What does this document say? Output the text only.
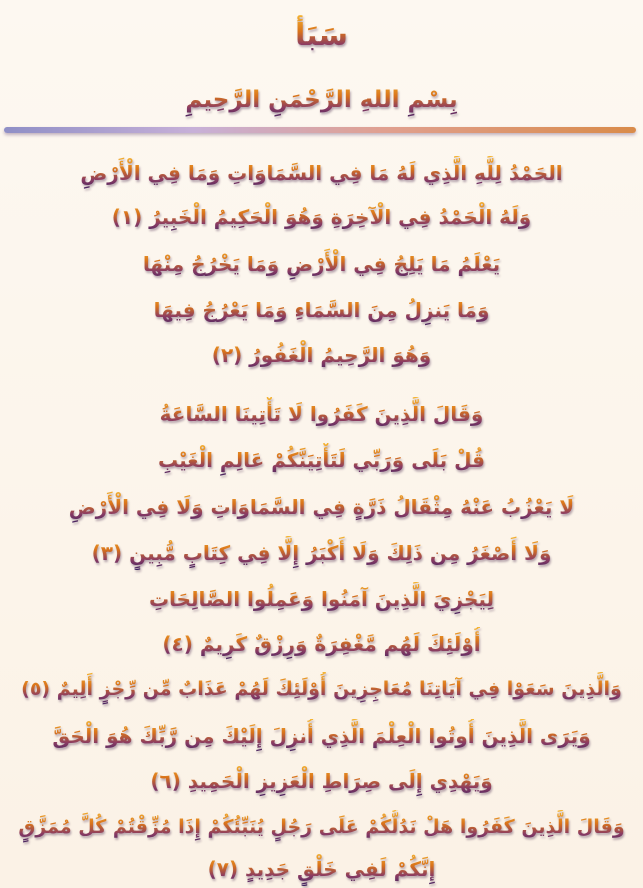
سَبَأ
بِسْمِ اللهِ الرَّحْمَنِ الرَّحِيمِ
الحَمْدُ لِلَّهِ الَّذِي لَهُ مَا فِي السَّمَاوَاتِ وَمَا فِي الْأَرْضِ
وَلَهُ الْحَمْدُ فِي الْآخِرَةِ وَهُوَ الْحَكِيمُ الْخَبِيرُ (١)
يَعْلَمُ مَا يَلِجُ فِي الْأَرْضِ وَمَا يَخْرُجُ مِنْهَا
وَمَا يَنزِلُ مِنَ السَّمَاءِ وَمَا يَعْرُجُ فِيهَا
وَهُوَ الرَّحِيمُ الْغَفُورُ (٢)
وَقَالَ الَّذِينَ كَفَرُوا لَا تَأْتِينَا السَّاعَةُ
قُلْ بَلَى وَرَبِّي لَتَأْتِيَنَّكُمْ عَالِمِ الْغَيْبِ
لَا يَعْزُبُ عَنْهُ مِثْقَالُ ذَرَّةٍ فِي السَّمَاوَاتِ وَلَا فِي الْأَرْضِ
وَلَا أَصْغَرُ مِن ذَلِكَ وَلَا أَكْبَرُ إِلَّا فِي كِتَابٍ مُّبِينٍ (٣)
لِيَجْزِيَ الَّذِينَ آمَنُوا وَعَمِلُوا الصَّالِحَاتِ
أُوْلَئِكَ لَهُم مَّغْفِرَةٌ وَرِزْقٌ كَرِيمٌ (٤)
وَالَّذِينَ سَعَوْا فِي آيَاتِنَا مُعَاجِزِينَ أُوْلَئِكَ لَهُمْ عَذَابٌ مِّن رِّجْزٍ أَلِيمٌ (٥)
وَيَرَى الَّذِينَ أُوتُوا الْعِلْمَ الَّذِي أُنزِلَ إِلَيْكَ مِن رَّبِّكَ هُوَ الْحَقَّ
وَيَهْدِي إِلَى صِرَاطِ الْعَزِيزِ الْحَمِيدِ (٦)
وَقَالَ الَّذِينَ كَفَرُوا هَلْ نَدُلُّكُمْ عَلَى رَجُلٍ يُنَبِّئُكُمْ إِذَا مُزِّقْتُمْ كُلَّ مُمَزَّقٍ
إِنَّكُمْ لَفِي خَلْقٍ جَدِيدٍ (٧)
